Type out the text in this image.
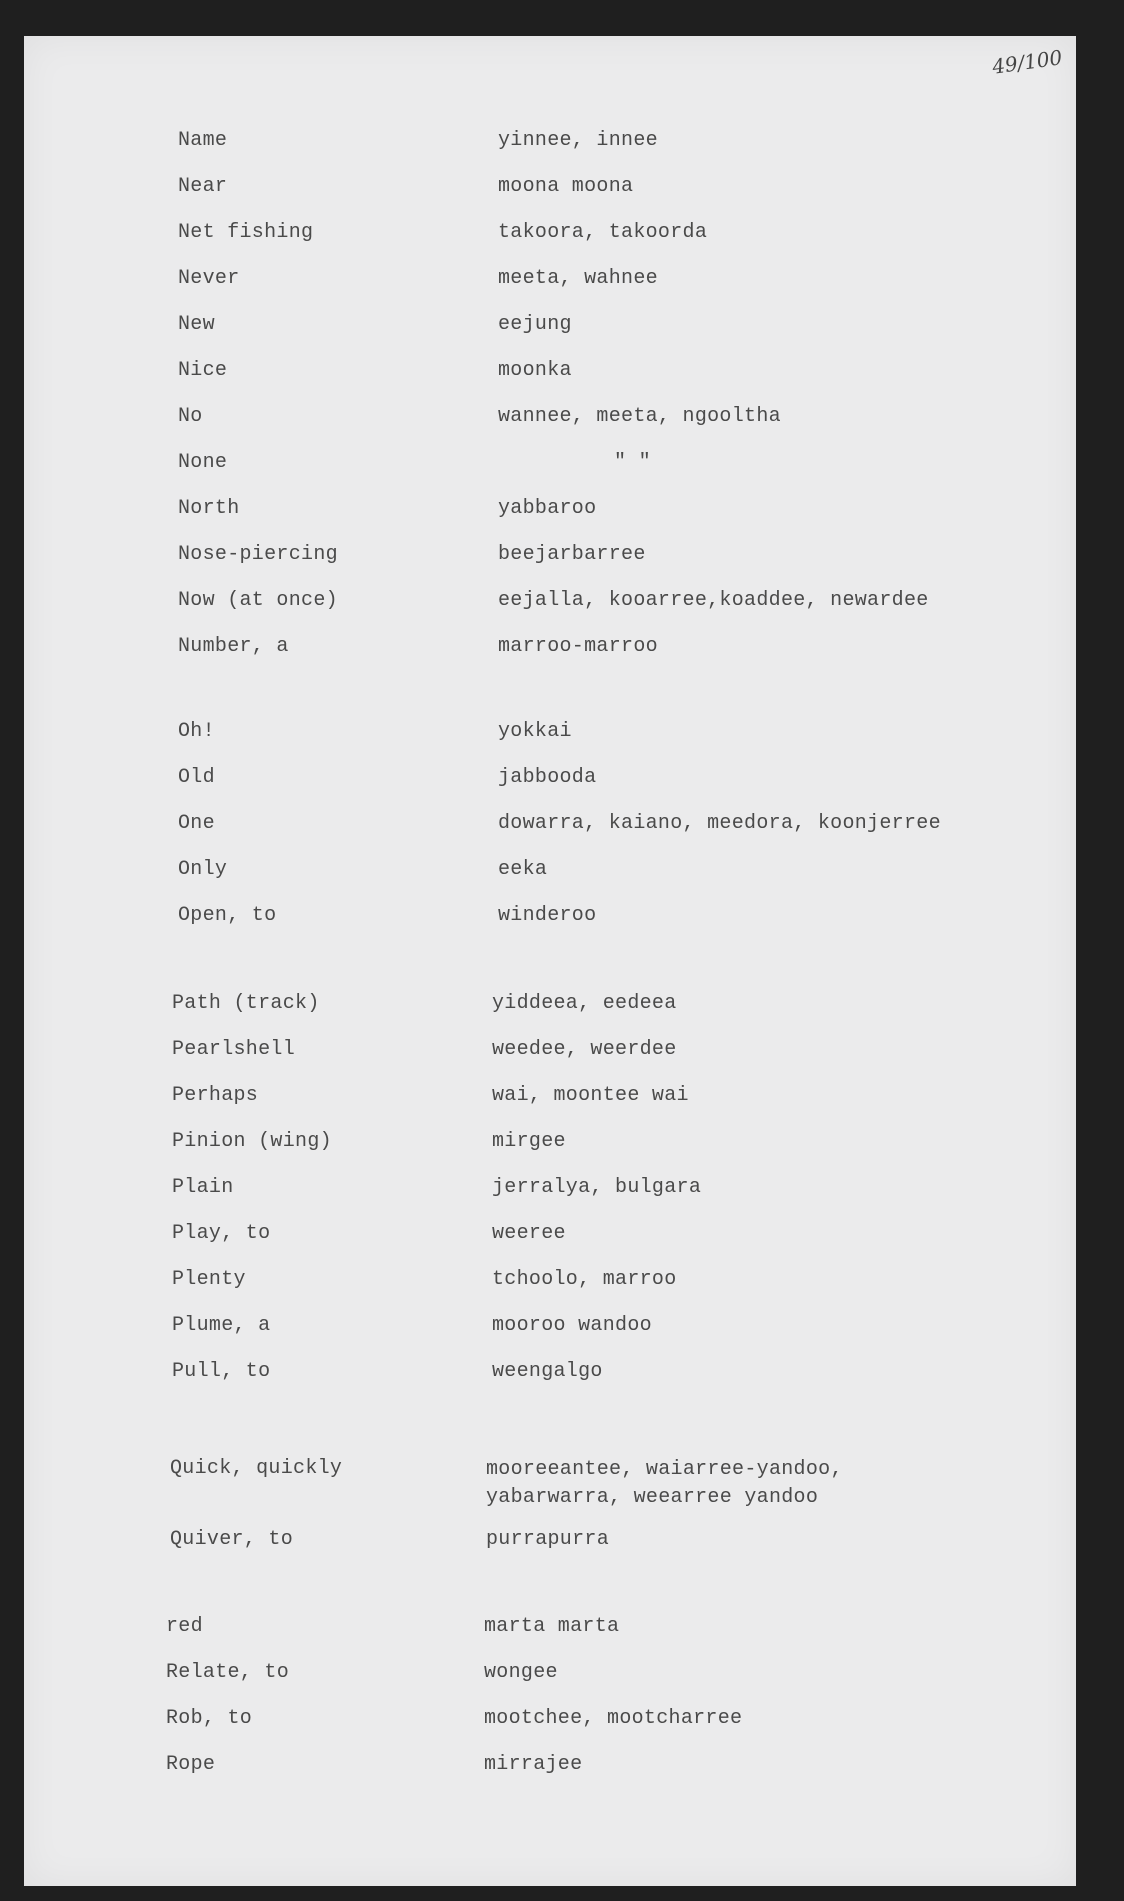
49/100
Name	yinnee, innee
Near	moona moona
Net fishing	takoora, takoorda
Never	meeta, wahnee
New	eejung
Nice	moonka
No	wannee, meeta, ngooltha
None	" "
North	yabbaroo
Nose-piercing	beejarbarree
Now (at once)	eejalla, kooarree,koaddee, newardee
Number, a	marroo-marroo
Oh!	yokkai
Old	jabbooda
One	dowarra, kaiano, meedora, koonjerree
Only	eeka
Open, to	winderoo
Path (track)	yiddeea, eedeea
Pearlshell	weedee, weerdee
Perhaps	wai, moontee wai
Pinion (wing)	mirgee
Plain	jerralya, bulgara
Play, to	weeree
Plenty	tchoolo, marroo
Plume, a	mooroo wandoo
Pull, to	weengalgo
Quick, quickly	mooreeantee, waiarree-yandoo,
yabarwarra, weearree yandoo
Quiver, to	purrapurra
red	marta marta
Relate, to	wongee
Rob, to	mootchee, mootcharree
Rope	mirrajee
